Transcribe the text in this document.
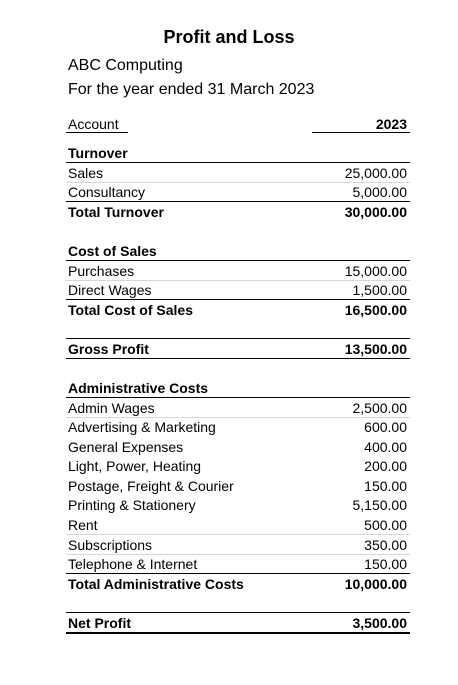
Profit and Loss
ABC Computing
For the year ended 31 March 2023
Account	2023
Turnover
Sales	25,000.00
Consultancy	5,000.00
Total Turnover	30,000.00
Cost of Sales
Purchases	15,000.00
Direct Wages	1,500.00
Total Cost of Sales	16,500.00
Gross Profit	13,500.00
Administrative Costs
Admin Wages	2,500.00
Advertising & Marketing	600.00
General Expenses	400.00
Light, Power, Heating	200.00
Postage, Freight & Courier	150.00
Printing & Stationery	5,150.00
Rent	500.00
Subscriptions	350.00
Telephone & Internet	150.00
Total Administrative Costs	10,000.00
Net Profit	3,500.00
